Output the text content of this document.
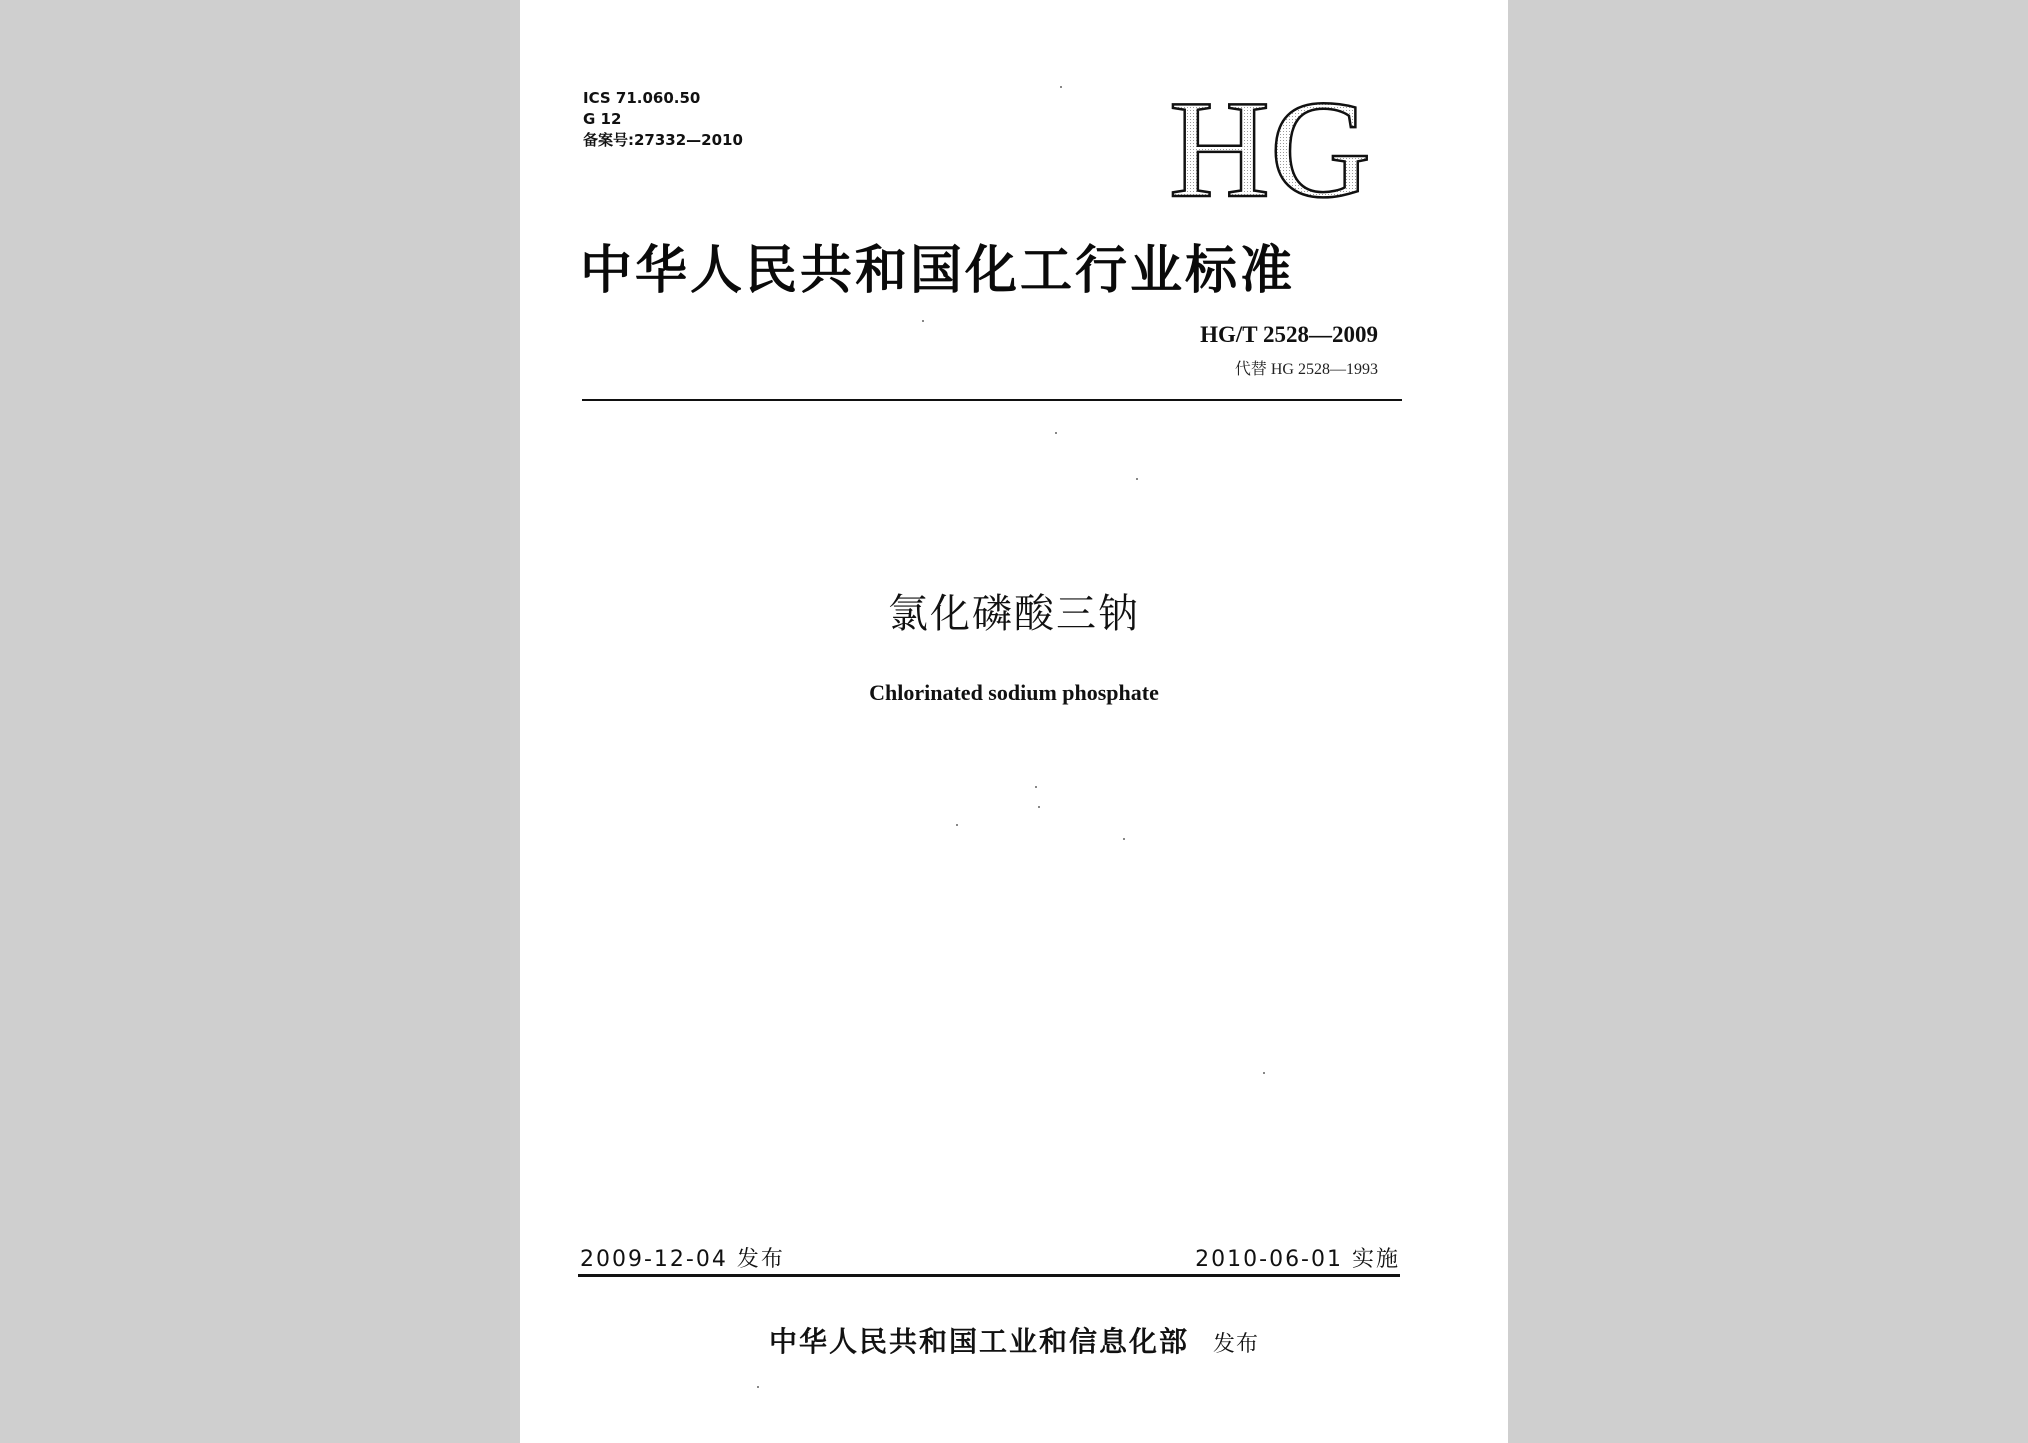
ICS 71.060.50
G 12
备案号:27332—2010	HG
中华人民共和国化工行业标准
HG/T 2528—2009
代替 HG 2528—1993
氯化磷酸三钠
Chlorinated sodium phosphate
2009-12-04 发布	2010-06-01 实施
中华人民共和国工业和信息化部 发布
